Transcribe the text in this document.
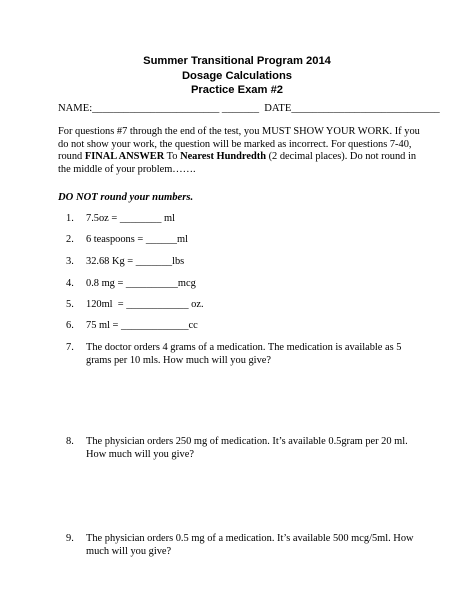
Summer Transitional Program 2014
Dosage Calculations
Practice Exam #2
NAME:________________________ _______  DATE____________________________
For questions #7 through the end of the test, you MUST SHOW YOUR WORK. If you do not show your work, the question will be marked as incorrect. For questions 7-40, round FINAL ANSWER To Nearest Hundredth (2 decimal places). Do not round in the middle of your problem…….
DO NOT round your numbers.
1. 7.5oz = ________ ml
2. 6 teaspoons = ______ml
3. 32.68 Kg = _______lbs
4. 0.8 mg = __________mcg
5. 120ml  = ____________ oz.
6. 75 ml = _____________cc
7.	The doctor orders 4 grams of a medication. The medication is available as 5 grams per 10 mls. How much will you give?
8.	The physician orders 250 mg of medication. It’s available 0.5gram per 20 ml. How much will you give?
9.	The physician orders 0.5 mg of a medication. It’s available 500 mcg/5ml. How much will you give?
